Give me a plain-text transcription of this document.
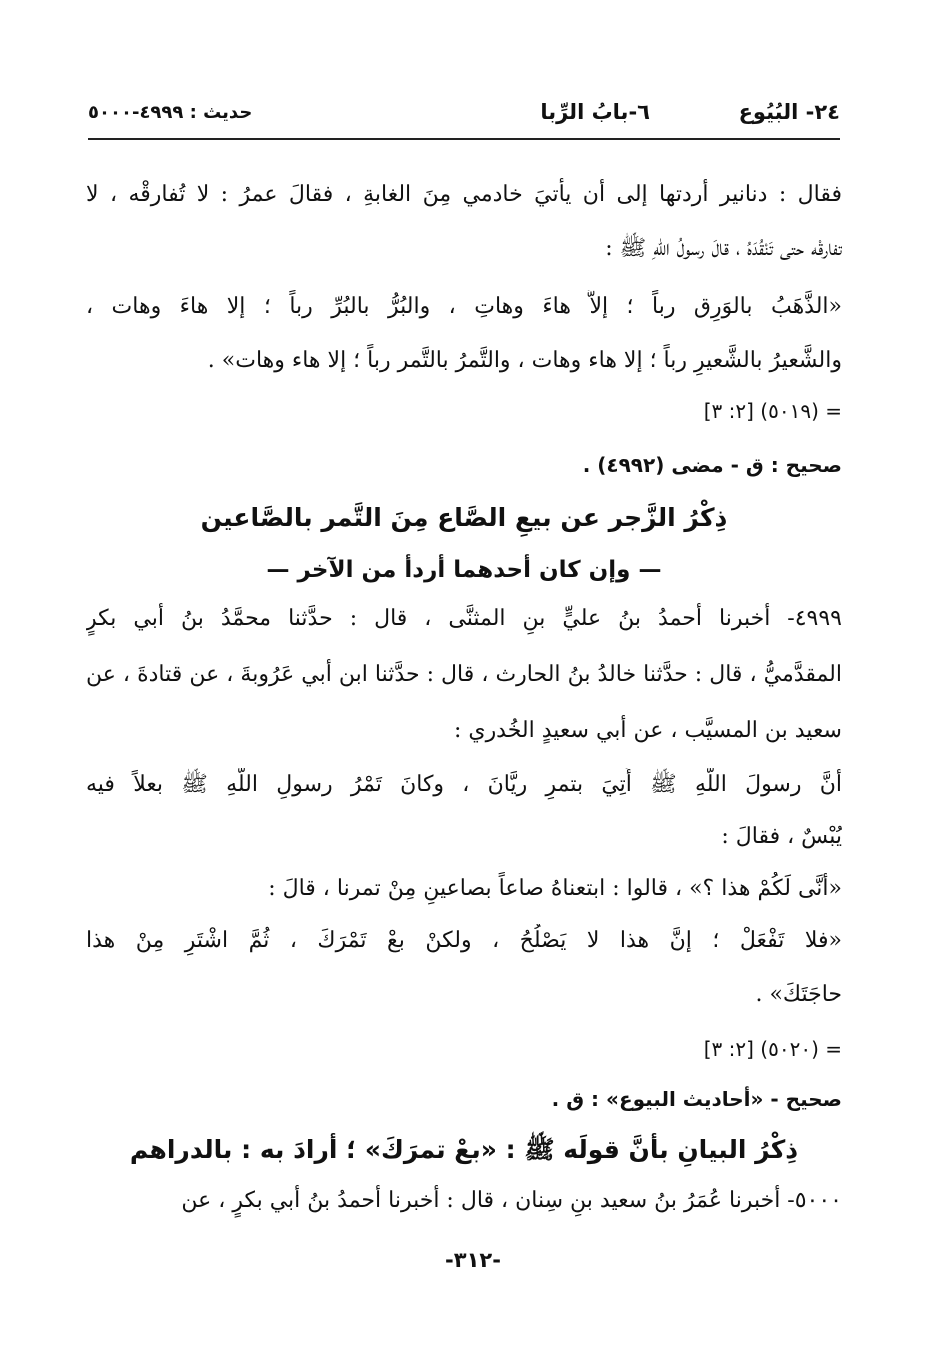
٢٤- البُيُوع
٦-بابُ الرِّبا
حديث : ٤٩٩٩-٥٠٠٠
فقال : دنانير أردتها إلى أن يأتيَ خادمي مِنَ الغابةِ ، فقالَ عمرُ : لا تُفارقْه ، لا
تفارقْه حتى تَنْقُدَهُ ، قالَ رسولُ اللّهِ ﷺ :
«الذَّهَبُ بالوَرِق رباً ؛ إلاَّ هاءَ وهاتِ ، والبُرُّ بالبُرِّ رباً ؛ إلا هاءَ وهات ،
والشَّعيرُ بالشَّعيرِ رباً ؛ إلا هاء وهات ، والتَّمرُ بالتَّمر رباً ؛ إلا هاء وهات» .
= (٥٠١٩) [٢: ٣]
صحيح : ق - مضى (٤٩٩٢) .
ذِكْرُ الزَّجر عن بيعِ الصَّاع مِنَ التَّمر بالصَّاعين
— وإن كان أحدهما أردأ من الآخر —
٤٩٩٩- أخبرنا أحمدُ بنُ عليٍّ بنِ المثنَّى ، قال : حدَّثنا محمَّدُ بنُ أبي بكرٍ
المقدَّميُّ ، قال : حدَّثنا خالدُ بنُ الحارث ، قال : حدَّثنا ابن أبي عَرُوبةَ ، عن قتادةَ ، عن
سعيد بن المسيَّب ، عن أبي سعيدٍ الخُدري :
أنَّ رسولَ اللّهِ ﷺ أُتِيَ بتمرِ ريَّانَ ، وكانَ تَمْرُ رسولِ اللّهِ ﷺ بعلاً فيه
يُبْسٌ ، فقالَ :
«أنَّى لَكُمْ هذا ؟» ، قالوا : ابتعناهُ صاعاً بصاعينِ مِنْ تمرنا ، قالَ :
«فلا تَفْعَلْ ؛ إنَّ هذا لا يَصْلُحُ ، ولكنْ بعْ تَمْرَكَ ، ثُمَّ اشْتَرِ مِنْ هذا
حاجَتَكَ» .
= (٥٠٢٠) [٢: ٣]
صحيح - «أحاديث البيوع» : ق .
ذِكْرُ البيانِ بأنَّ قولَه ﷺ : «بعْ تمرَكَ» ؛ أرادَ به : بالدراهم
٥٠٠٠- أخبرنا عُمَرُ بنُ سعيد بنِ سِنان ، قال : أخبرنا أحمدُ بنُ أبي بكرٍ ، عن
-٣١٢-
